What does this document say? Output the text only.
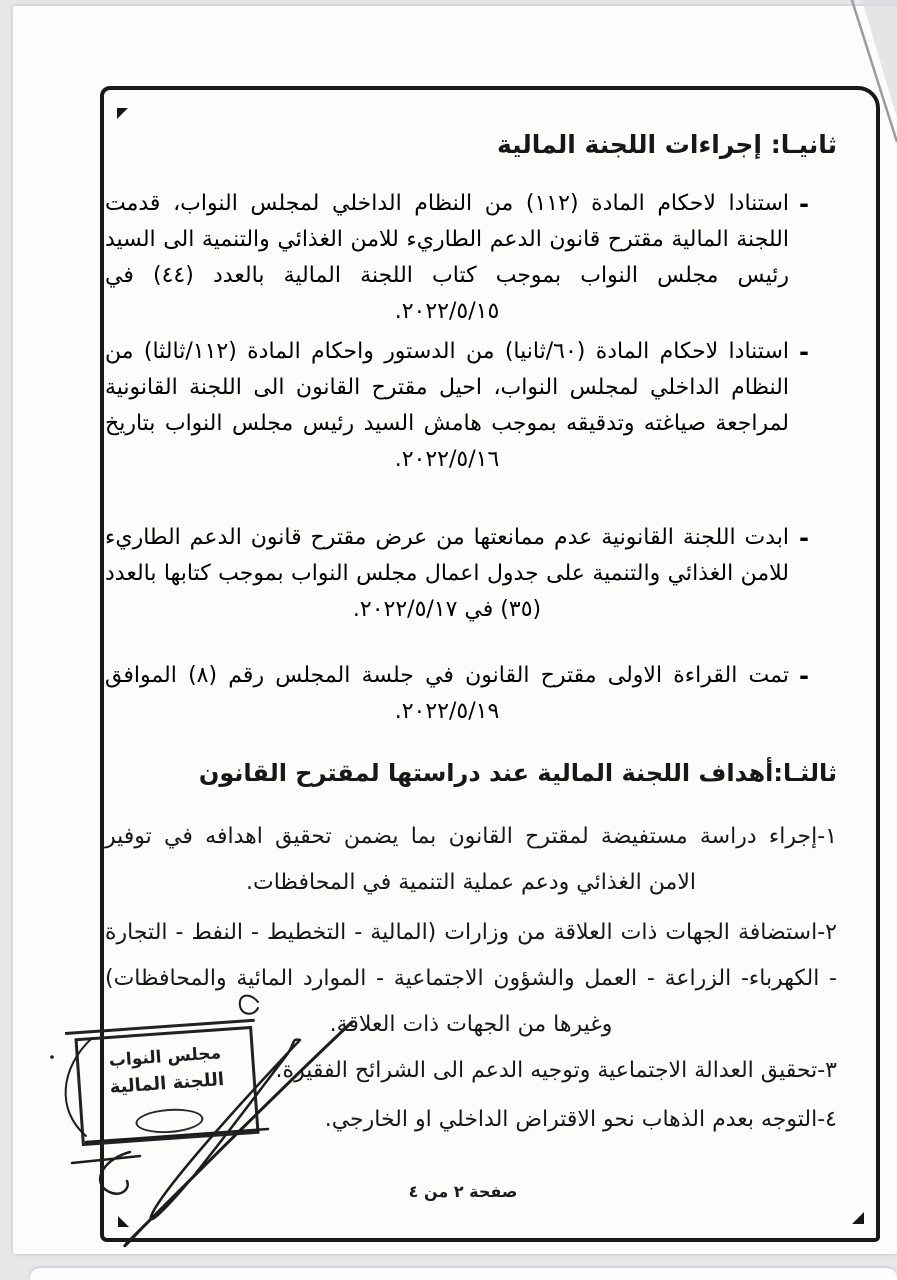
ثانيـا: إجراءات اللجنة المالية
-

استنادا لاحكام المادة (١١٢) من النظام الداخلي لمجلس النواب، قدمت اللجنة المالية مقترح قانون الدعم الطاريء للامن الغذائي والتنمية الى السيد رئيس مجلس النواب بموجب كتاب اللجنة المالية بالعدد (٤٤) في ٢٠٢٢/٥/١٥.

-

استنادا لاحكام المادة (٦٠/ثانيا) من الدستور واحكام المادة (١١٢/ثالثا) من النظام الداخلي لمجلس النواب، احيل مقترح القانون الى اللجنة القانونية لمراجعة صياغته وتدقيقه بموجب هامش السيد رئيس مجلس النواب بتاريخ ٢٠٢٢/٥/١٦.

-

ابدت اللجنة القانونية عدم ممانعتها من عرض مقترح قانون الدعم الطاريء للامن الغذائي والتنمية على جدول اعمال مجلس النواب بموجب كتابها بالعدد (٣٥) في ٢٠٢٢/٥/١٧.

-

تمت القراءة الاولى مقترح القانون في جلسة المجلس رقم (٨) الموافق ٢٠٢٢/٥/١٩.

ثالثـا:أهداف اللجنة المالية عند دراستها لمقترح القانون

١-إجراء دراسة مستفيضة لمقترح القانون بما يضمن تحقيق اهدافه في توفير الامن الغذائي ودعم عملية التنمية في المحافظات.

٢-استضافة الجهات ذات العلاقة من وزارات (المالية - التخطيط - النفط - التجارة - الكهرباء- الزراعة - العمل والشؤون الاجتماعية - الموارد المائية والمحافظات) وغيرها من الجهات ذات العلاقة.

٣-تحقيق العدالة الاجتماعية وتوجيه الدعم الى الشرائح الفقيرة.

٤-التوجه بعدم الذهاب نحو الاقتراض الداخلي او الخارجي.

مجلس النواب
اللجنة المالية
صفحة ٢ من ٤
